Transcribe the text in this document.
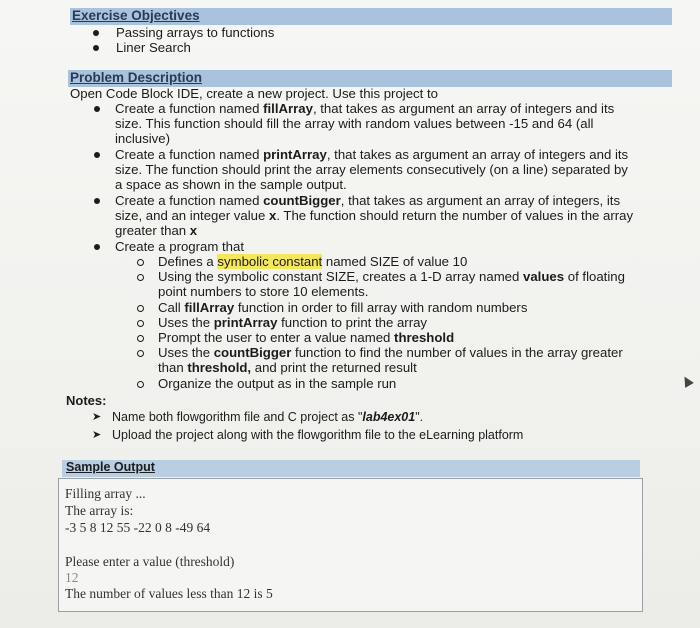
Exercise Objectives
Passing arrays to functions
Liner Search
Problem Description
Open Code Block IDE, create a new project. Use this project to
Create a function named fillArray, that takes as argument an array of integers and its
size. This function should fill the array with random values between -15 and 64 (all
inclusive)
Create a function named printArray, that takes as argument an array of integers and its
size. The function should print the array elements consecutively (on a line) separated by
a space as shown in the sample output.
Create a function named countBigger, that takes as argument an array of integers, its
size, and an integer value x. The function should return the number of values in the array
greater than x
Create a program that
Defines a symbolic constant named SIZE of value 10
Using the symbolic constant SIZE, creates a 1-D array named values of floating
point numbers to store 10 elements.
Call fillArray function in order to fill array with random numbers
Uses the printArray function to print the array
Prompt the user to enter a value named threshold
Uses the countBigger function to find the number of values in the array greater
than threshold, and print the returned result
Organize the output as in the sample run
Notes:
➤ Name both flowgorithm file and C project as "lab4ex01".
➤ Upload the project along with the flowgorithm file to the eLearning platform
Sample Output
Filling array ...
The array is:
-3 5 8 12 55 -22 0 8 -49 64
Please enter a value (threshold)
12
The number of values less than 12 is 5
